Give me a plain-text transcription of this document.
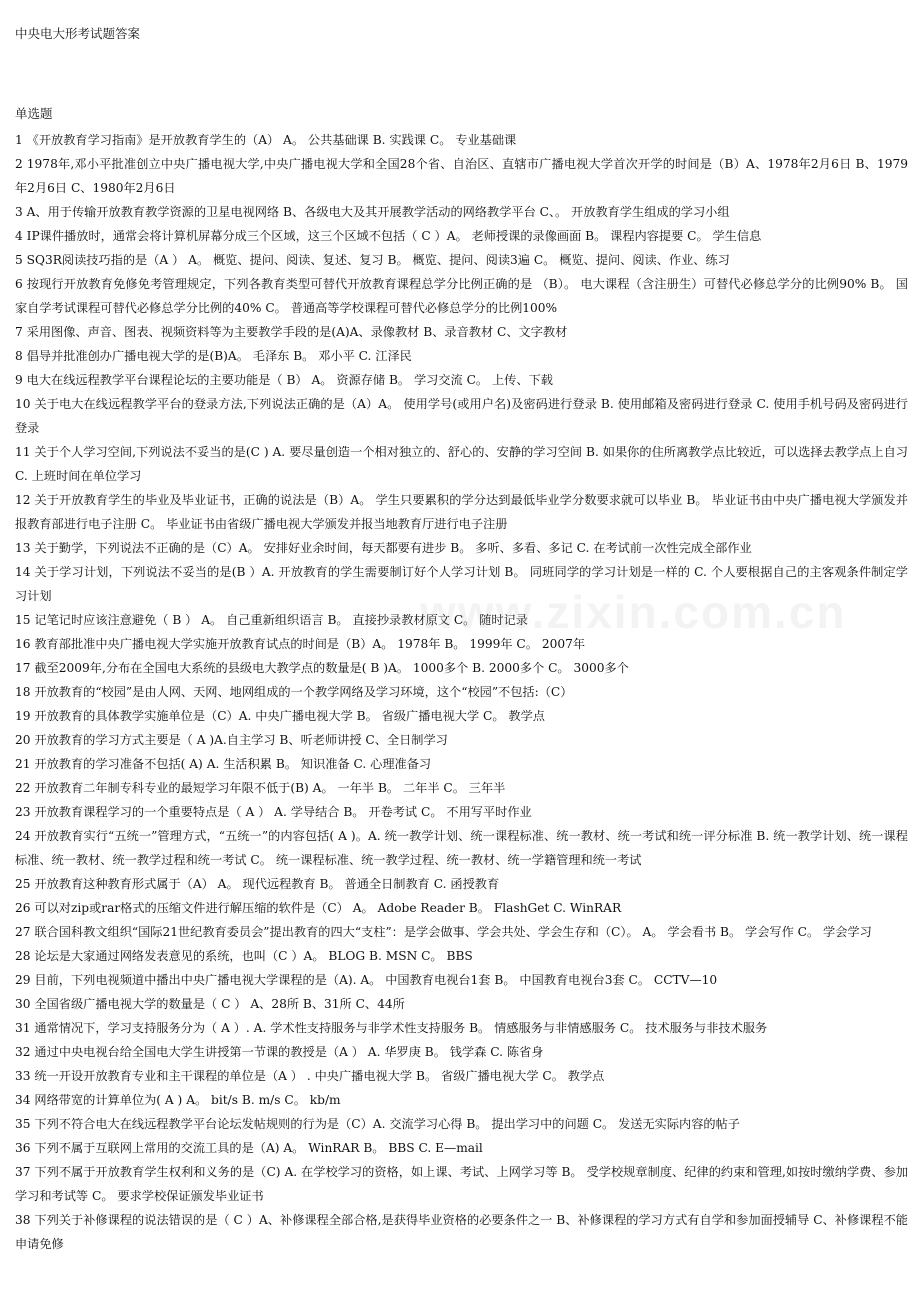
www.zixin.com.cn
中央电大形考试题答案
单选题
1 《开放教育学习指南》是开放教育学生的（A） A。 公共基础课 B. 实践课 C。 专业基础课
2 1978年,邓小平批准创立中央广播电视大学,中央广播电视大学和全国28个省、自治区、直辖市广播电视大学首次开学的时间是（B）A、1978年2月6日 B、1979年2月6日 C、1980年2月6日
3 A、用于传输开放教育教学资源的卫星电视网络 B、各级电大及其开展教学活动的网络教学平台 C、。 开放教育学生组成的学习小组
4 IP课件播放时，通常会将计算机屏幕分成三个区域，这三个区域不包括（ C ）A。 老师授课的录像画面 B。 课程内容提要 C。 学生信息
5 SQ3R阅读技巧指的是（A ） A。 概览、提问、阅读、复述、复习 B。 概览、提问、阅读3遍 C。 概览、提问、阅读、作业、练习
6 按现行开放教育免修免考管理规定，下列各教育类型可替代开放教育课程总学分比例正确的是 （B）。 电大课程（含注册生）可替代必修总学分的比例90% B。 国家自学考试课程可替代必修总学分比例的40% C。 普通高等学校课程可替代必修总学分的比例100%
7 采用图像、声音、图表、视频资料等为主要教学手段的是(A)A、录像教材 B、录音教材 C、文字教材
8 倡导并批准创办广播电视大学的是(B)A。 毛泽东 B。 邓小平 C. 江泽民
9 电大在线远程教学平台课程论坛的主要功能是（ B） A。 资源存储 B。 学习交流 C。 上传、下载
10 关于电大在线远程教学平台的登录方法,下列说法正确的是（A）A。 使用学号(或用户名)及密码进行登录 B. 使用邮箱及密码进行登录 C. 使用手机号码及密码进行登录
11 关于个人学习空间,下列说法不妥当的是(C ) A. 要尽量创造一个相对独立的、舒心的、安静的学习空间 B. 如果你的住所离教学点比较近，可以选择去教学点上自习 C. 上班时间在单位学习
12 关于开放教育学生的毕业及毕业证书，正确的说法是（B）A。 学生只要累积的学分达到最低毕业学分数要求就可以毕业 B。 毕业证书由中央广播电视大学颁发并报教育部进行电子注册 C。 毕业证书由省级广播电视大学颁发并报当地教育厅进行电子注册
13 关于勤学，下列说法不正确的是（C）A。 安排好业余时间，每天都要有进步 B。 多听、多看、多记 C. 在考试前一次性完成全部作业
14 关于学习计划，下列说法不妥当的是(B ）A. 开放教育的学生需要制订好个人学习计划 B。 同班同学的学习计划是一样的 C. 个人要根据自己的主客观条件制定学习计划
15 记笔记时应该注意避免（ B ） A。 自己重新组织语言 B。 直接抄录教材原文 C。 随时记录
16 教育部批准中央广播电视大学实施开放教育试点的时间是（B）A。 1978年 B。 1999年 C。 2007年
17 截至2009年,分布在全国电大系统的县级电大教学点的数量是( B )A。 1000多个 B. 2000多个 C。 3000多个
18 开放教育的“校园”是由人网、天网、地网组成的一个教学网络及学习环境，这个“校园”不包括:（C）
19 开放教育的具体教学实施单位是（C）A. 中央广播电视大学 B。 省级广播电视大学 C。 教学点
20 开放教育的学习方式主要是（ A )A.自主学习 B、听老师讲授 C、全日制学习
21 开放教育的学习准备不包括( A) A. 生活积累 B。 知识准备 C. 心理准备习
22 开放教育二年制专科专业的最短学习年限不低于(B) A。 一年半 B。 二年半 C。 三年半
23 开放教育课程学习的一个重要特点是（ A ） A. 学导结合 B。 开卷考试 C。 不用写平时作业
24 开放教育实行“五统一”管理方式，“五统一”的内容包括( A )。A. 统一教学计划、统一课程标准、统一教材、统一考试和统一评分标准 B. 统一教学计划、统一课程标准、统一教材、统一教学过程和统一考试 C。 统一课程标准、统一教学过程、统一教材、统一学籍管理和统一考试
25 开放教育这种教育形式属于（A） A。 现代远程教育 B。 普通全日制教育 C. 函授教育
26 可以对zip或rar格式的压缩文件进行解压缩的软件是（C） A。 Adobe Reader B。 FlashGet C. WinRAR
27 联合国科教文组织“国际21世纪教育委员会”提出教育的四大“支柱”：是学会做事、学会共处、学会生存和（C）。 A。 学会看书 B。 学会写作 C。 学会学习
28 论坛是大家通过网络发表意见的系统，也叫（C ）A。 BLOG B. MSN C。 BBS
29 目前，下列电视频道中播出中央广播电视大学课程的是（A). A。 中国教育电视台1套 B。 中国教育电视台3套 C。 CCTV—10
30 全国省级广播电视大学的数量是（ C ） A、28所 B、31所 C、44所
31 通常情况下，学习支持服务分为（ A ）. A. 学术性支持服务与非学术性支持服务 B。 情感服务与非情感服务 C。 技术服务与非技术服务
32 通过中央电视台给全国电大学生讲授第一节课的教授是（A ） A. 华罗庚 B。 钱学森 C. 陈省身
33 统一开设开放教育专业和主干课程的单位是（A ） . 中央广播电视大学 B。 省级广播电视大学 C。 教学点
34 网络带宽的计算单位为( A ) A。 bit/s B. m/s C。 kb/m
35 下列不符合电大在线远程教学平台论坛发帖规则的行为是（C）A. 交流学习心得 B。 提出学习中的问题 C。 发送无实际内容的帖子
36 下列不属于互联网上常用的交流工具的是（A) A。 WinRAR B。 BBS C. E—mail
37 下列不属于开放教育学生权利和义务的是（C) A. 在学校学习的资格，如上课、考试、上网学习等 B。 受学校规章制度、纪律的约束和管理,如按时缴纳学费、参加学习和考试等 C。 要求学校保证颁发毕业证书
38 下列关于补修课程的说法错误的是（ C ）A、补修课程全部合格,是获得毕业资格的必要条件之一 B、补修课程的学习方式有自学和参加面授辅导 C、补修课程不能申请免修
